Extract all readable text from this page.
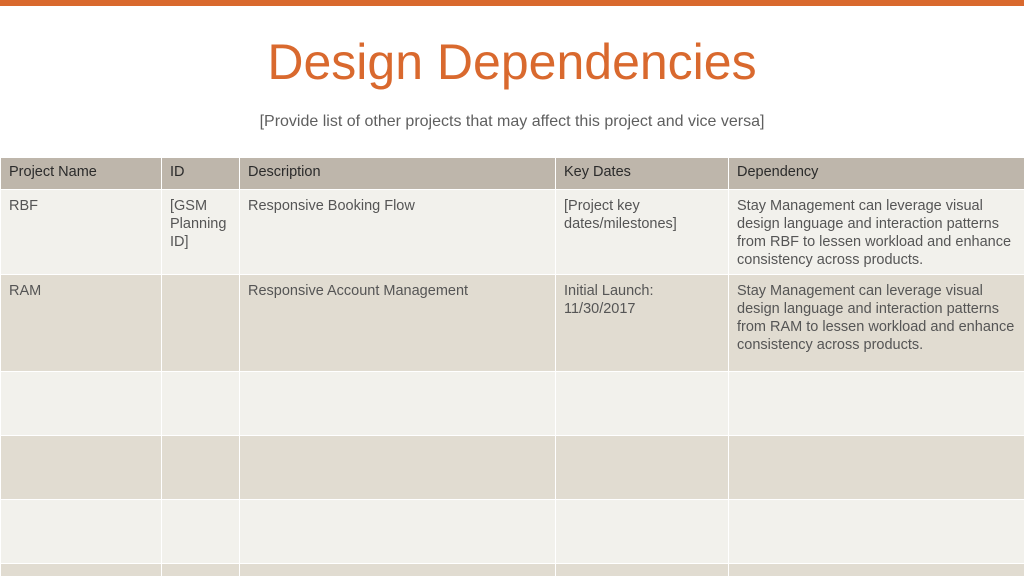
Design Dependencies
[Provide list of other projects that may affect this project and vice versa]
Project Name	ID	Description	Key Dates	Dependency
RBF	[GSM Planning ID]	Responsive Booking Flow	[Project key dates/milestones]	Stay Management can leverage visual design language and interaction patterns from RBF to lessen workload and enhance consistency across products.
RAM		Responsive Account Management	Initial Launch: 11/30/2017	Stay Management can leverage visual design language and interaction patterns from RAM to lessen workload and enhance consistency across products.
